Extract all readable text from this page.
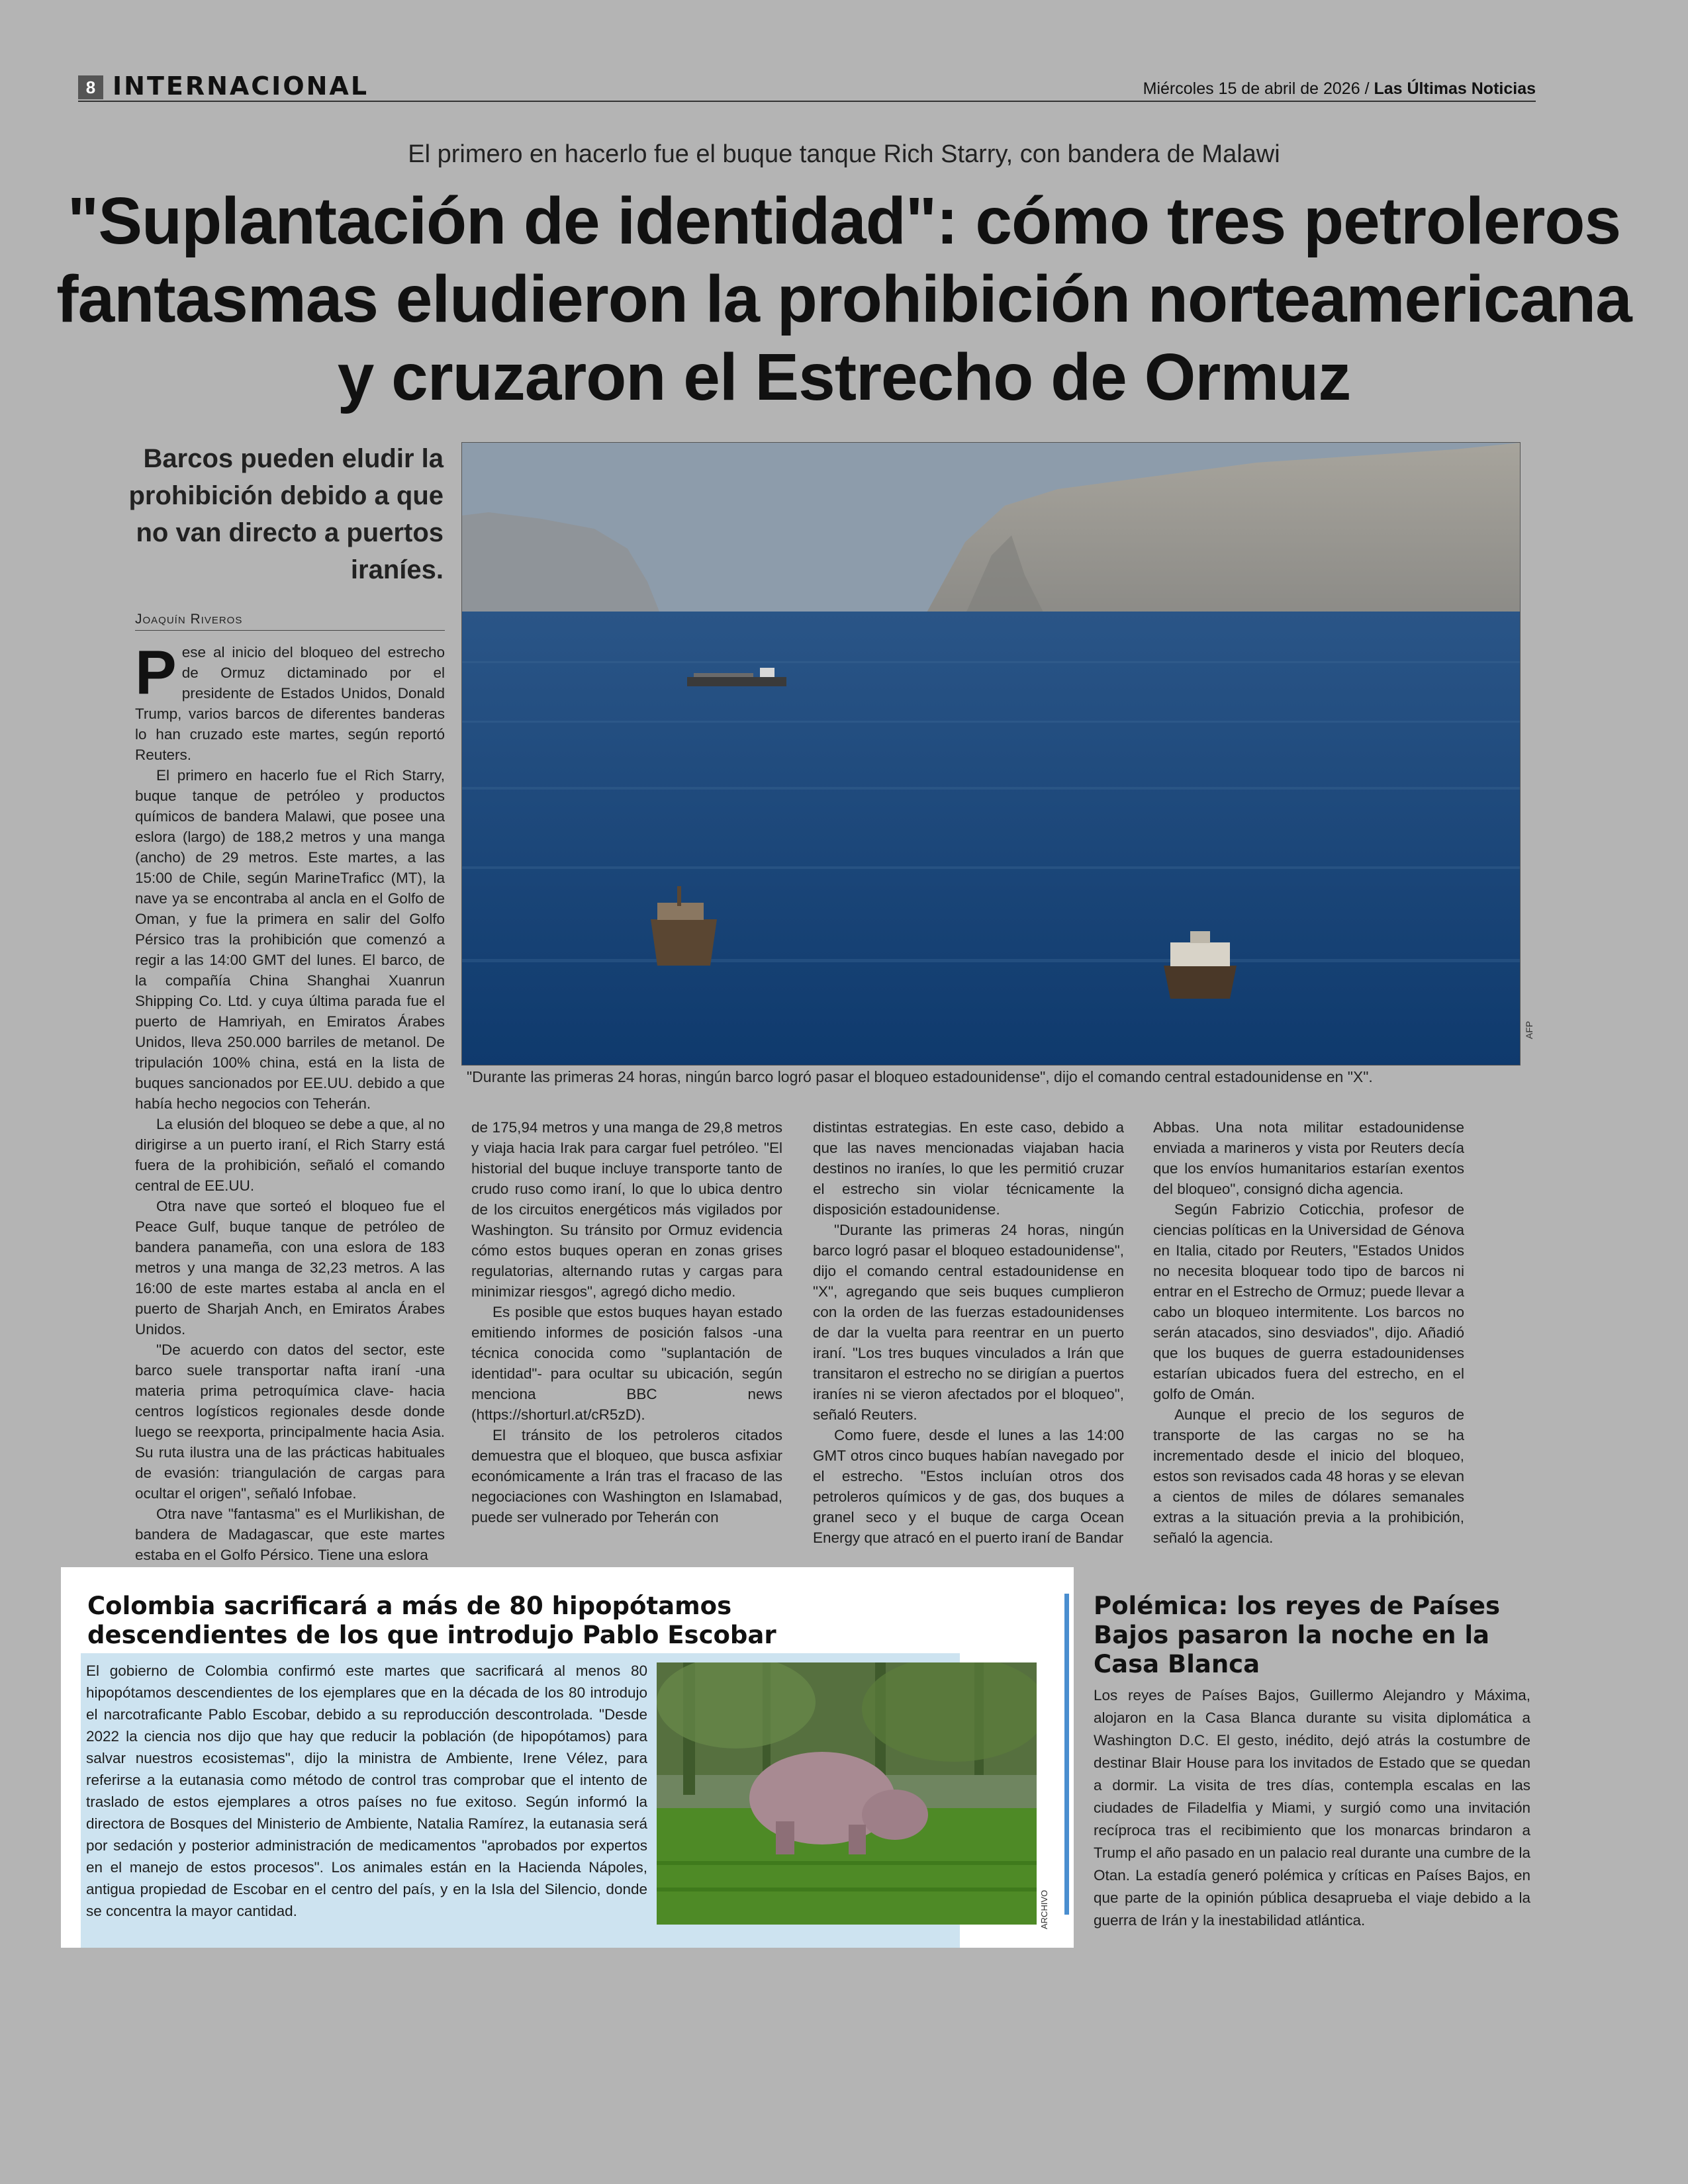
8 INTERNACIONAL	Miércoles 15 de abril de 2026 / Las Últimas Noticias
El primero en hacerlo fue el buque tanque Rich Starry, con bandera de Malawi
"Suplantación de identidad": cómo tres petroleros fantasmas eludieron la prohibición norteamericana y cruzaron el Estrecho de Ormuz
Barcos pueden eludir la prohibición debido a que no van directo a puertos iraníes.
Joaquín Riveros
AFP
"Durante las primeras 24 horas, ningún barco logró pasar el bloqueo estadounidense", dijo el comando central estadounidense en "X".

Pese al inicio del bloqueo del estrecho de Ormuz dictaminado por el presidente de Estados Unidos, Donald Trump, varios barcos de diferentes banderas lo han cruzado este martes, según reportó Reuters.

El primero en hacerlo fue el Rich Starry, buque tanque de petróleo y productos químicos de bandera Malawi, que posee una eslora (largo) de 188,2 metros y una manga (ancho) de 29 metros. Este martes, a las 15:00 de Chile, según MarineTraficc (MT), la nave ya se encontraba al ancla en el Golfo de Oman, y fue la primera en salir del Golfo Pérsico tras la prohibición que comenzó a regir a las 14:00 GMT del lunes. El barco, de la compañía China Shanghai Xuanrun Shipping Co. Ltd. y cuya última parada fue el puerto de Hamriyah, en Emiratos Árabes Unidos, lleva 250.000 barriles de metanol. De tripulación 100% china, está en la lista de buques sancionados por EE.UU. debido a que había hecho negocios con Teherán.

La elusión del bloqueo se debe a que, al no dirigirse a un puerto iraní, el Rich Starry está fuera de la prohibición, señaló el comando central de EE.UU.

Otra nave que sorteó el bloqueo fue el Peace Gulf, buque tanque de petróleo de bandera panameña, con una eslora de 183 metros y una manga de 32,23 metros. A las 16:00 de este martes estaba al ancla en el puerto de Sharjah Anch, en Emiratos Árabes Unidos.

"De acuerdo con datos del sector, este barco suele transportar nafta iraní -una materia prima petroquímica clave- hacia centros logísticos regionales desde donde luego se reexporta, principalmente hacia Asia. Su ruta ilustra una de las prácticas habituales de evasión: triangulación de cargas para ocultar el origen", señaló Infobae.

Otra nave "fantasma" es el Murlikishan, de bandera de Madagascar, que este martes estaba en el Golfo Pérsico. Tiene una eslora

de 175,94 metros y una manga de 29,8 metros y viaja hacia Irak para cargar fuel petróleo. "El historial del buque incluye transporte tanto de crudo ruso como iraní, lo que lo ubica dentro de los circuitos energéticos más vigilados por Washington. Su tránsito por Ormuz evidencia cómo estos buques operan en zonas grises regulatorias, alternando rutas y cargas para minimizar riesgos", agregó dicho medio.

Es posible que estos buques hayan estado emitiendo informes de posición falsos -una técnica conocida como "suplantación de identidad"- para ocultar su ubicación, según menciona BBC news (https://shorturl.at/cR5zD).

El tránsito de los petroleros citados demuestra que el bloqueo, que busca asfixiar económicamente a Irán tras el fracaso de las negociaciones con Washington en Islamabad, puede ser vulnerado por Teherán con

distintas estrategias. En este caso, debido a que las naves mencionadas viajaban hacia destinos no iraníes, lo que les permitió cruzar el estrecho sin violar técnicamente la disposición estadounidense.

"Durante las primeras 24 horas, ningún barco logró pasar el bloqueo estadounidense", dijo el comando central estadounidense en "X", agregando que seis buques cumplieron con la orden de las fuerzas estadounidenses de dar la vuelta para reentrar en un puerto iraní. "Los tres buques vinculados a Irán que transitaron el estrecho no se dirigían a puertos iraníes ni se vieron afectados por el bloqueo", señaló Reuters.

Como fuere, desde el lunes a las 14:00 GMT otros cinco buques habían navegado por el estrecho. "Estos incluían otros dos petroleros químicos y de gas, dos buques a granel seco y el buque de carga Ocean Energy que atracó en el puerto iraní de Bandar

Abbas. Una nota militar estadounidense enviada a marineros y vista por Reuters decía que los envíos humanitarios estarían exentos del bloqueo", consignó dicha agencia.

Según Fabrizio Coticchia, profesor de ciencias políticas en la Universidad de Génova en Italia, citado por Reuters, "Estados Unidos no necesita bloquear todo tipo de barcos ni entrar en el Estrecho de Ormuz; puede llevar a cabo un bloqueo intermitente. Los barcos no serán atacados, sino desviados", dijo. Añadió que los buques de guerra estadounidenses estarían ubicados fuera del estrecho, en el golfo de Omán.

Aunque el precio de los seguros de transporte de las cargas no se ha incrementado desde el inicio del bloqueo, estos son revisados cada 48 horas y se elevan a cientos de miles de dólares semanales extras a la situación previa a la prohibición, señaló la agencia.

Colombia sacrificará a más de 80 hipopótamos descendientes de los que introdujo Pablo Escobar
El gobierno de Colombia confirmó este martes que sacrificará al menos 80 hipopótamos descendientes de los ejemplares que en la década de los 80 introdujo el narcotraficante Pablo Escobar, debido a su reproducción descontrolada. "Desde 2022 la ciencia nos dijo que hay que reducir la población (de hipopótamos) para salvar nuestros ecosistemas", dijo la ministra de Ambiente, Irene Vélez, para referirse a la eutanasia como método de control tras comprobar que el intento de traslado de estos ejemplares a otros países no fue exitoso. Según informó la directora de Bosques del Ministerio de Ambiente, Natalia Ramírez, la eutanasia será por sedación y posterior administración de medicamentos "aprobados por expertos en el manejo de estos procesos". Los animales están en la Hacienda Nápoles, antigua propiedad de Escobar en el centro del país, y en la Isla del Silencio, donde se concentra la mayor cantidad.	ARCHIVO
Polémica: los reyes de Países Bajos pasaron la noche en la Casa Blanca
Los reyes de Países Bajos, Guillermo Alejandro y Máxima, alojaron en la Casa Blanca durante su visita diplomática a Washington D.C. El gesto, inédito, dejó atrás la costumbre de destinar Blair House para los invitados de Estado que se quedan a dormir. La visita de tres días, contempla escalas en las ciudades de Filadelfia y Miami, y surgió como una invitación recíproca tras el recibimiento que los monarcas brindaron a Trump el año pasado en un palacio real durante una cumbre de la Otan. La estadía generó polémica y críticas en Países Bajos, en que parte de la opinión pública desaprueba el viaje debido a la guerra de Irán y la inestabilidad atlántica.
